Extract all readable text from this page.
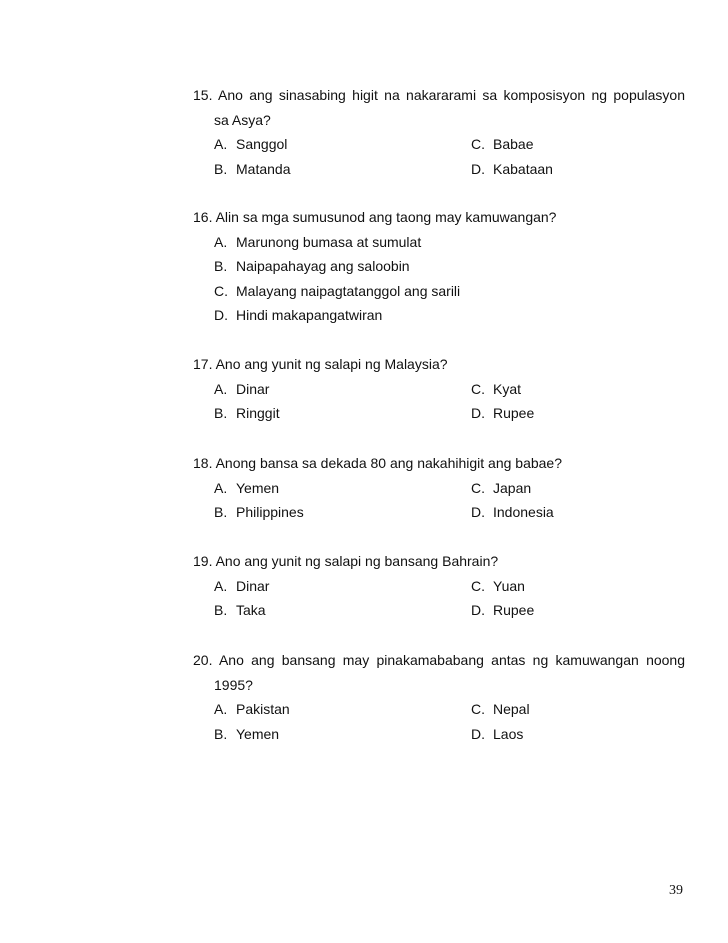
15. Ano ang sinasabing higit na nakararami sa komposisyon ng populasyon
sa Asya?
A. Sanggol	C. Babae
B. Matanda	D. Kabataan
16. Alin sa mga sumusunod ang taong may kamuwangan?
A. Marunong bumasa at sumulat
B. Naipapahayag ang saloobin
C. Malayang naipagtatanggol ang sarili
D. Hindi makapangatwiran
17. Ano ang yunit ng salapi ng Malaysia?
A. Dinar	C. Kyat
B. Ringgit	D. Rupee
18. Anong bansa sa dekada 80 ang nakahihigit ang babae?
A. Yemen	C. Japan
B. Philippines	D. Indonesia
19. Ano ang yunit ng salapi ng bansang Bahrain?
A. Dinar	C. Yuan
B. Taka	D. Rupee
20. Ano ang bansang may pinakamababang antas ng kamuwangan noong
1995?
A. Pakistan	C. Nepal
B. Yemen	D. Laos
39
